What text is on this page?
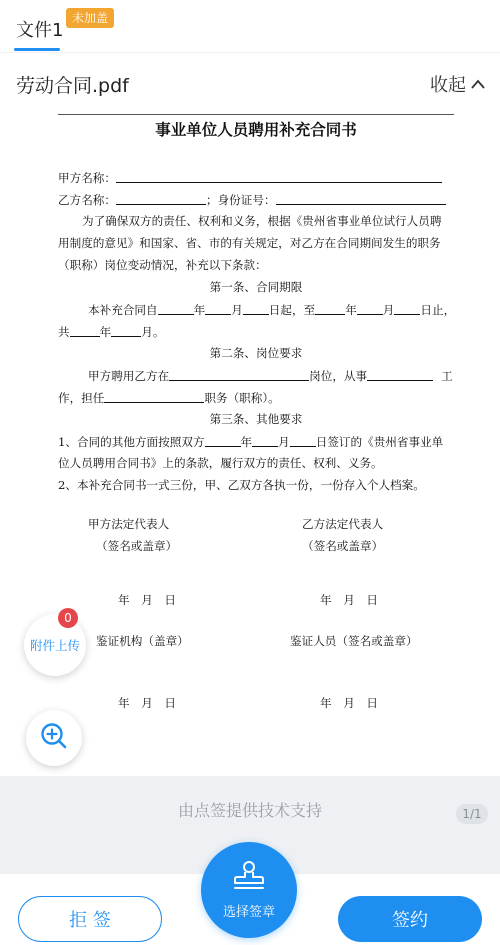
文件1
未加盖
劳动合同.pdf	收起
事业单位人员聘用补充合同书
甲方名称：
乙方名称：	；身份证号：
为了确保双方的责任、权利和义务，根据《贵州省事业单位试行人员聘
用制度的意见》和国家、省、市的有关规定，对乙方在合同期间发生的职务
（职称）岗位变动情况，补充以下条款：
第一条、合同期限
本补充合同自	年 月 日起，至	年 月 日止，
共	年	月。
第二条、岗位要求
甲方聘用乙方在	岗位，从事	工
作，担任	职务（职称）。
第三条、其他要求
1、合同的其他方面按照双方	年 月 日签订的《贵州省事业单
位人员聘用合同书》上的条款，履行双方的责任、权利、义务。
2、本补充合同书一式三份，甲、乙双方各执一份，一份存入个人档案。
甲方法定代表人	乙方法定代表人
（签名或盖章）	（签名或盖章）
年　月　日	年　月　日
鉴证机构（盖章）	鉴证人员（签名或盖章）
年　月　日	年　月　日
附件上传
0
由点签提供技术支持	1/1
拒 签	签约
选择签章
